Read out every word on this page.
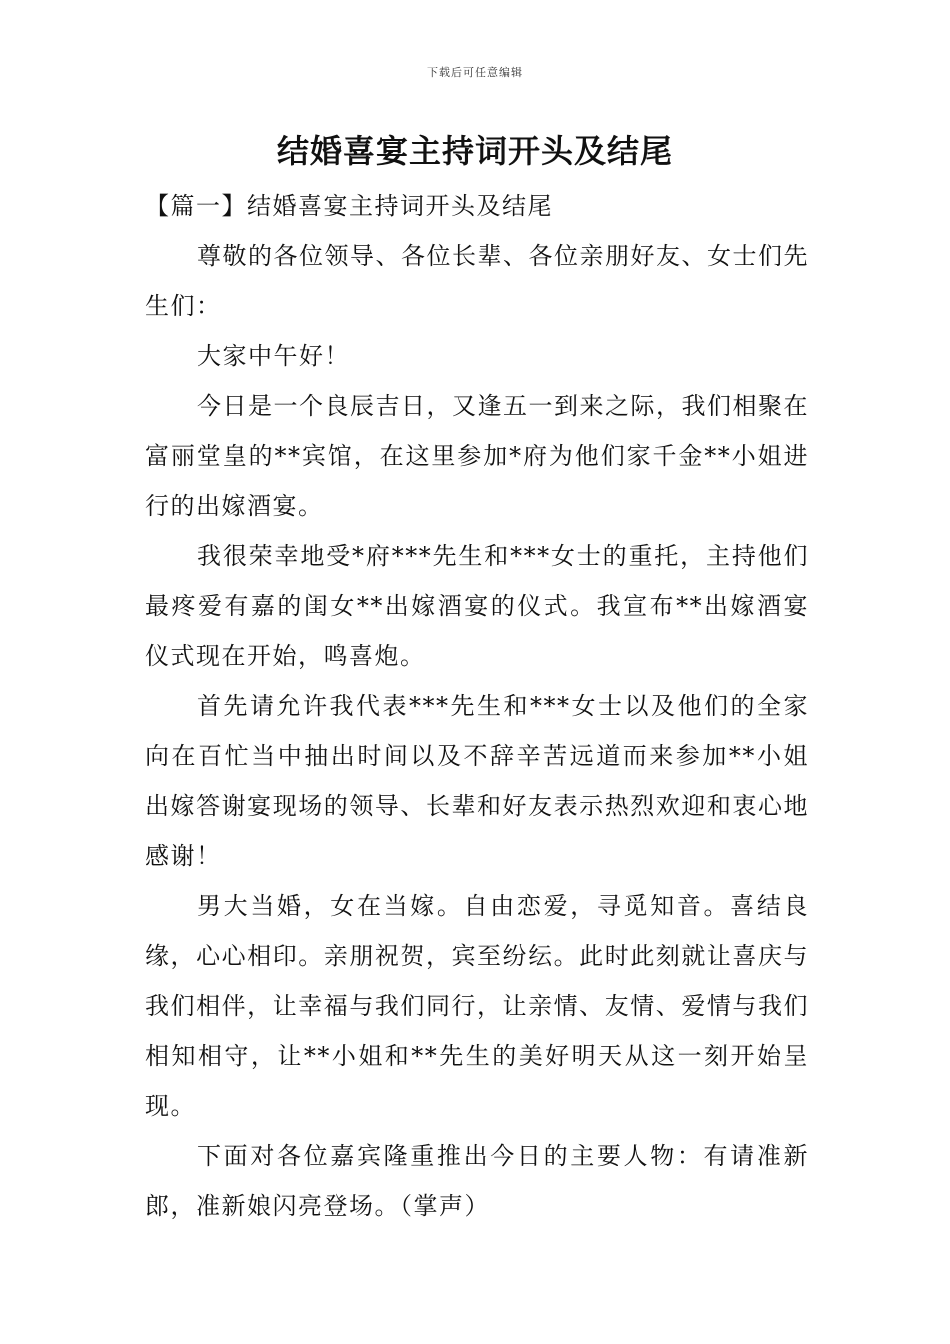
下载后可任意编辑
结婚喜宴主持词开头及结尾

【篇一】结婚喜宴主持词开头及结尾

尊敬的各位领导、各位长辈、各位亲朋好友、女士们先生们：

大家中午好！

今日是一个良辰吉日，又逢五一到来之际，我们相聚在富丽堂皇的**宾馆，在这里参加*府为他们家千金**小姐进行的出嫁酒宴。

我很荣幸地受*府***先生和***女士的重托，主持他们最疼爱有嘉的闺女**出嫁酒宴的仪式。我宣布**出嫁酒宴仪式现在开始，鸣喜炮。

首先请允许我代表***先生和***女士以及他们的全家向在百忙当中抽出时间以及不辞辛苦远道而来参加**小姐出嫁答谢宴现场的领导、长辈和好友表示热烈欢迎和衷心地感谢！

男大当婚，女在当嫁。自由恋爱，寻觅知音。喜结良缘，心心相印。亲朋祝贺，宾至纷纭。此时此刻就让喜庆与我们相伴，让幸福与我们同行，让亲情、友情、爱情与我们相知相守，让**小姐和**先生的美好明天从这一刻开始呈现。

下面对各位嘉宾隆重推出今日的主要人物：有请准新郎，准新娘闪亮登场。（掌声）
